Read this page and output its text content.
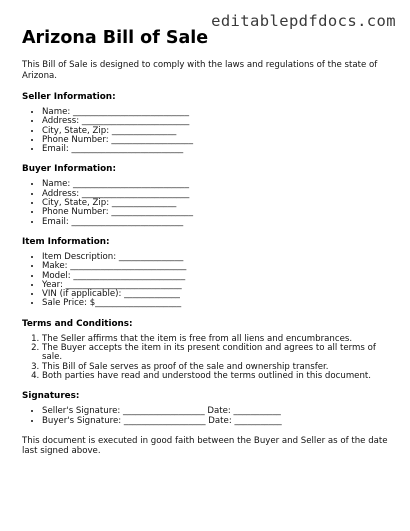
editablepdfdocs.com
Arizona Bill of Sale

This Bill of Sale is designed to comply with the laws and regulations of the state of Arizona.

Seller Information:
• Name: ___________________________
• Address: _________________________
• City, State, Zip: _______________
• Phone Number: ___________________
• Email: __________________________
Buyer Information:
• Name: ___________________________
• Address: _________________________
• City, State, Zip: _______________
• Phone Number: ___________________
• Email: __________________________
Item Information:
• Item Description: _______________
• Make: ___________________________
• Model: __________________________
• Year: ___________________________
• VIN (if applicable): _____________
• Sale Price: $____________________
Terms and Conditions:
1. The Seller affirms that the item is free from all liens and encumbrances.
2. The Buyer accepts the item in its present condition and agrees to all terms of sale.
3. This Bill of Sale serves as proof of the sale and ownership transfer.
4. Both parties have read and understood the terms outlined in this document.
Signatures:
• Seller's Signature: ___________________ Date: ___________
• Buyer's Signature: ___________________ Date: ___________

This document is executed in good faith between the Buyer and Seller as of the date last signed above.
